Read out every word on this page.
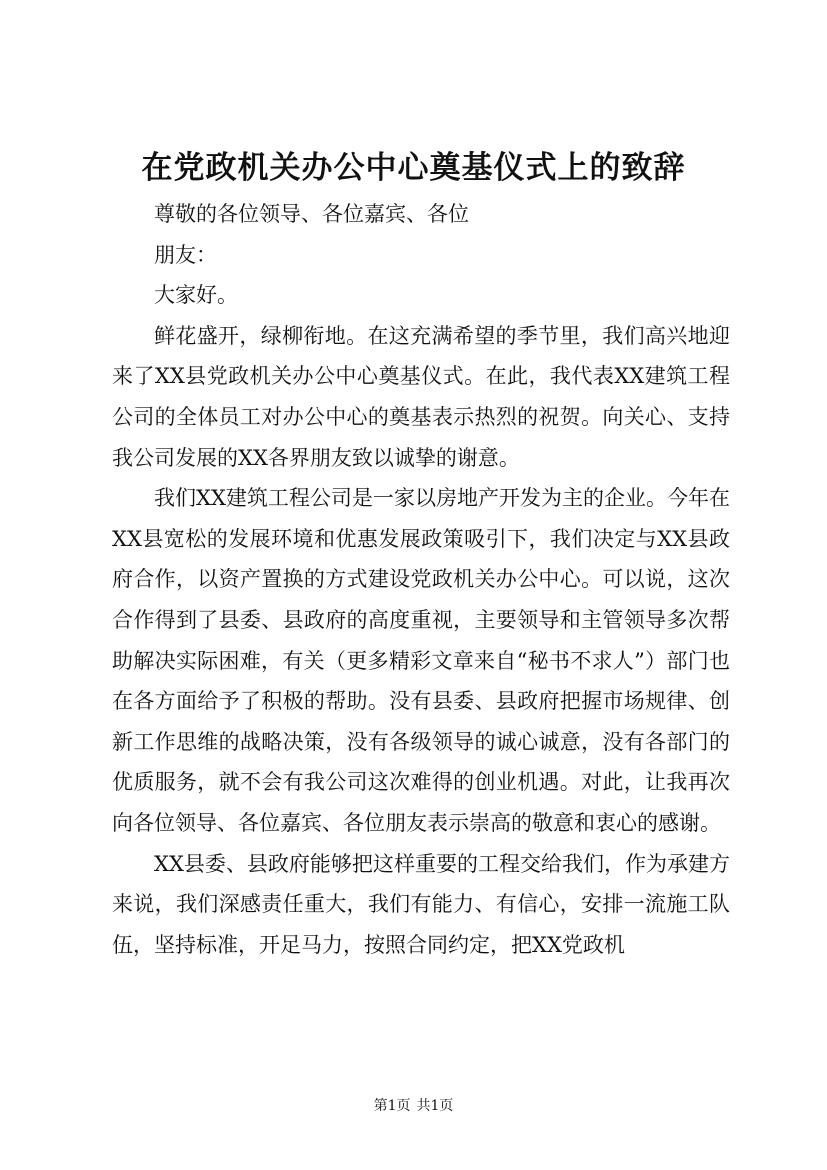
在党政机关办公中心奠基仪式上的致辞

尊敬的各位领导、各位嘉宾、各位

朋友：

大家好。

鲜花盛开，绿柳衔地。在这充满希望的季节里，我们高兴地迎来了XX县党政机关办公中心奠基仪式。在此，我代表XX建筑工程公司的全体员工对办公中心的奠基表示热烈的祝贺。向关心、支持我公司发展的XX各界朋友致以诚挚的谢意。

我们XX建筑工程公司是一家以房地产开发为主的企业。今年在XX县宽松的发展环境和优惠发展政策吸引下，我们决定与XX县政府合作，以资产置换的方式建设党政机关办公中心。可以说，这次合作得到了县委、县政府的高度重视，主要领导和主管领导多次帮助解决实际困难，有关（更多精彩文章来自“秘书不求人”）部门也在各方面给予了积极的帮助。没有县委、县政府把握市场规律、创新工作思维的战略决策，没有各级领导的诚心诚意，没有各部门的优质服务，就不会有我公司这次难得的创业机遇。对此，让我再次向各位领导、各位嘉宾、各位朋友表示崇高的敬意和衷心的感谢。

XX县委、县政府能够把这样重要的工程交给我们，作为承建方来说，我们深感责任重大，我们有能力、有信心，安排一流施工队伍，坚持标准，开足马力，按照合同约定，把XX党政机

第1页 共1页
